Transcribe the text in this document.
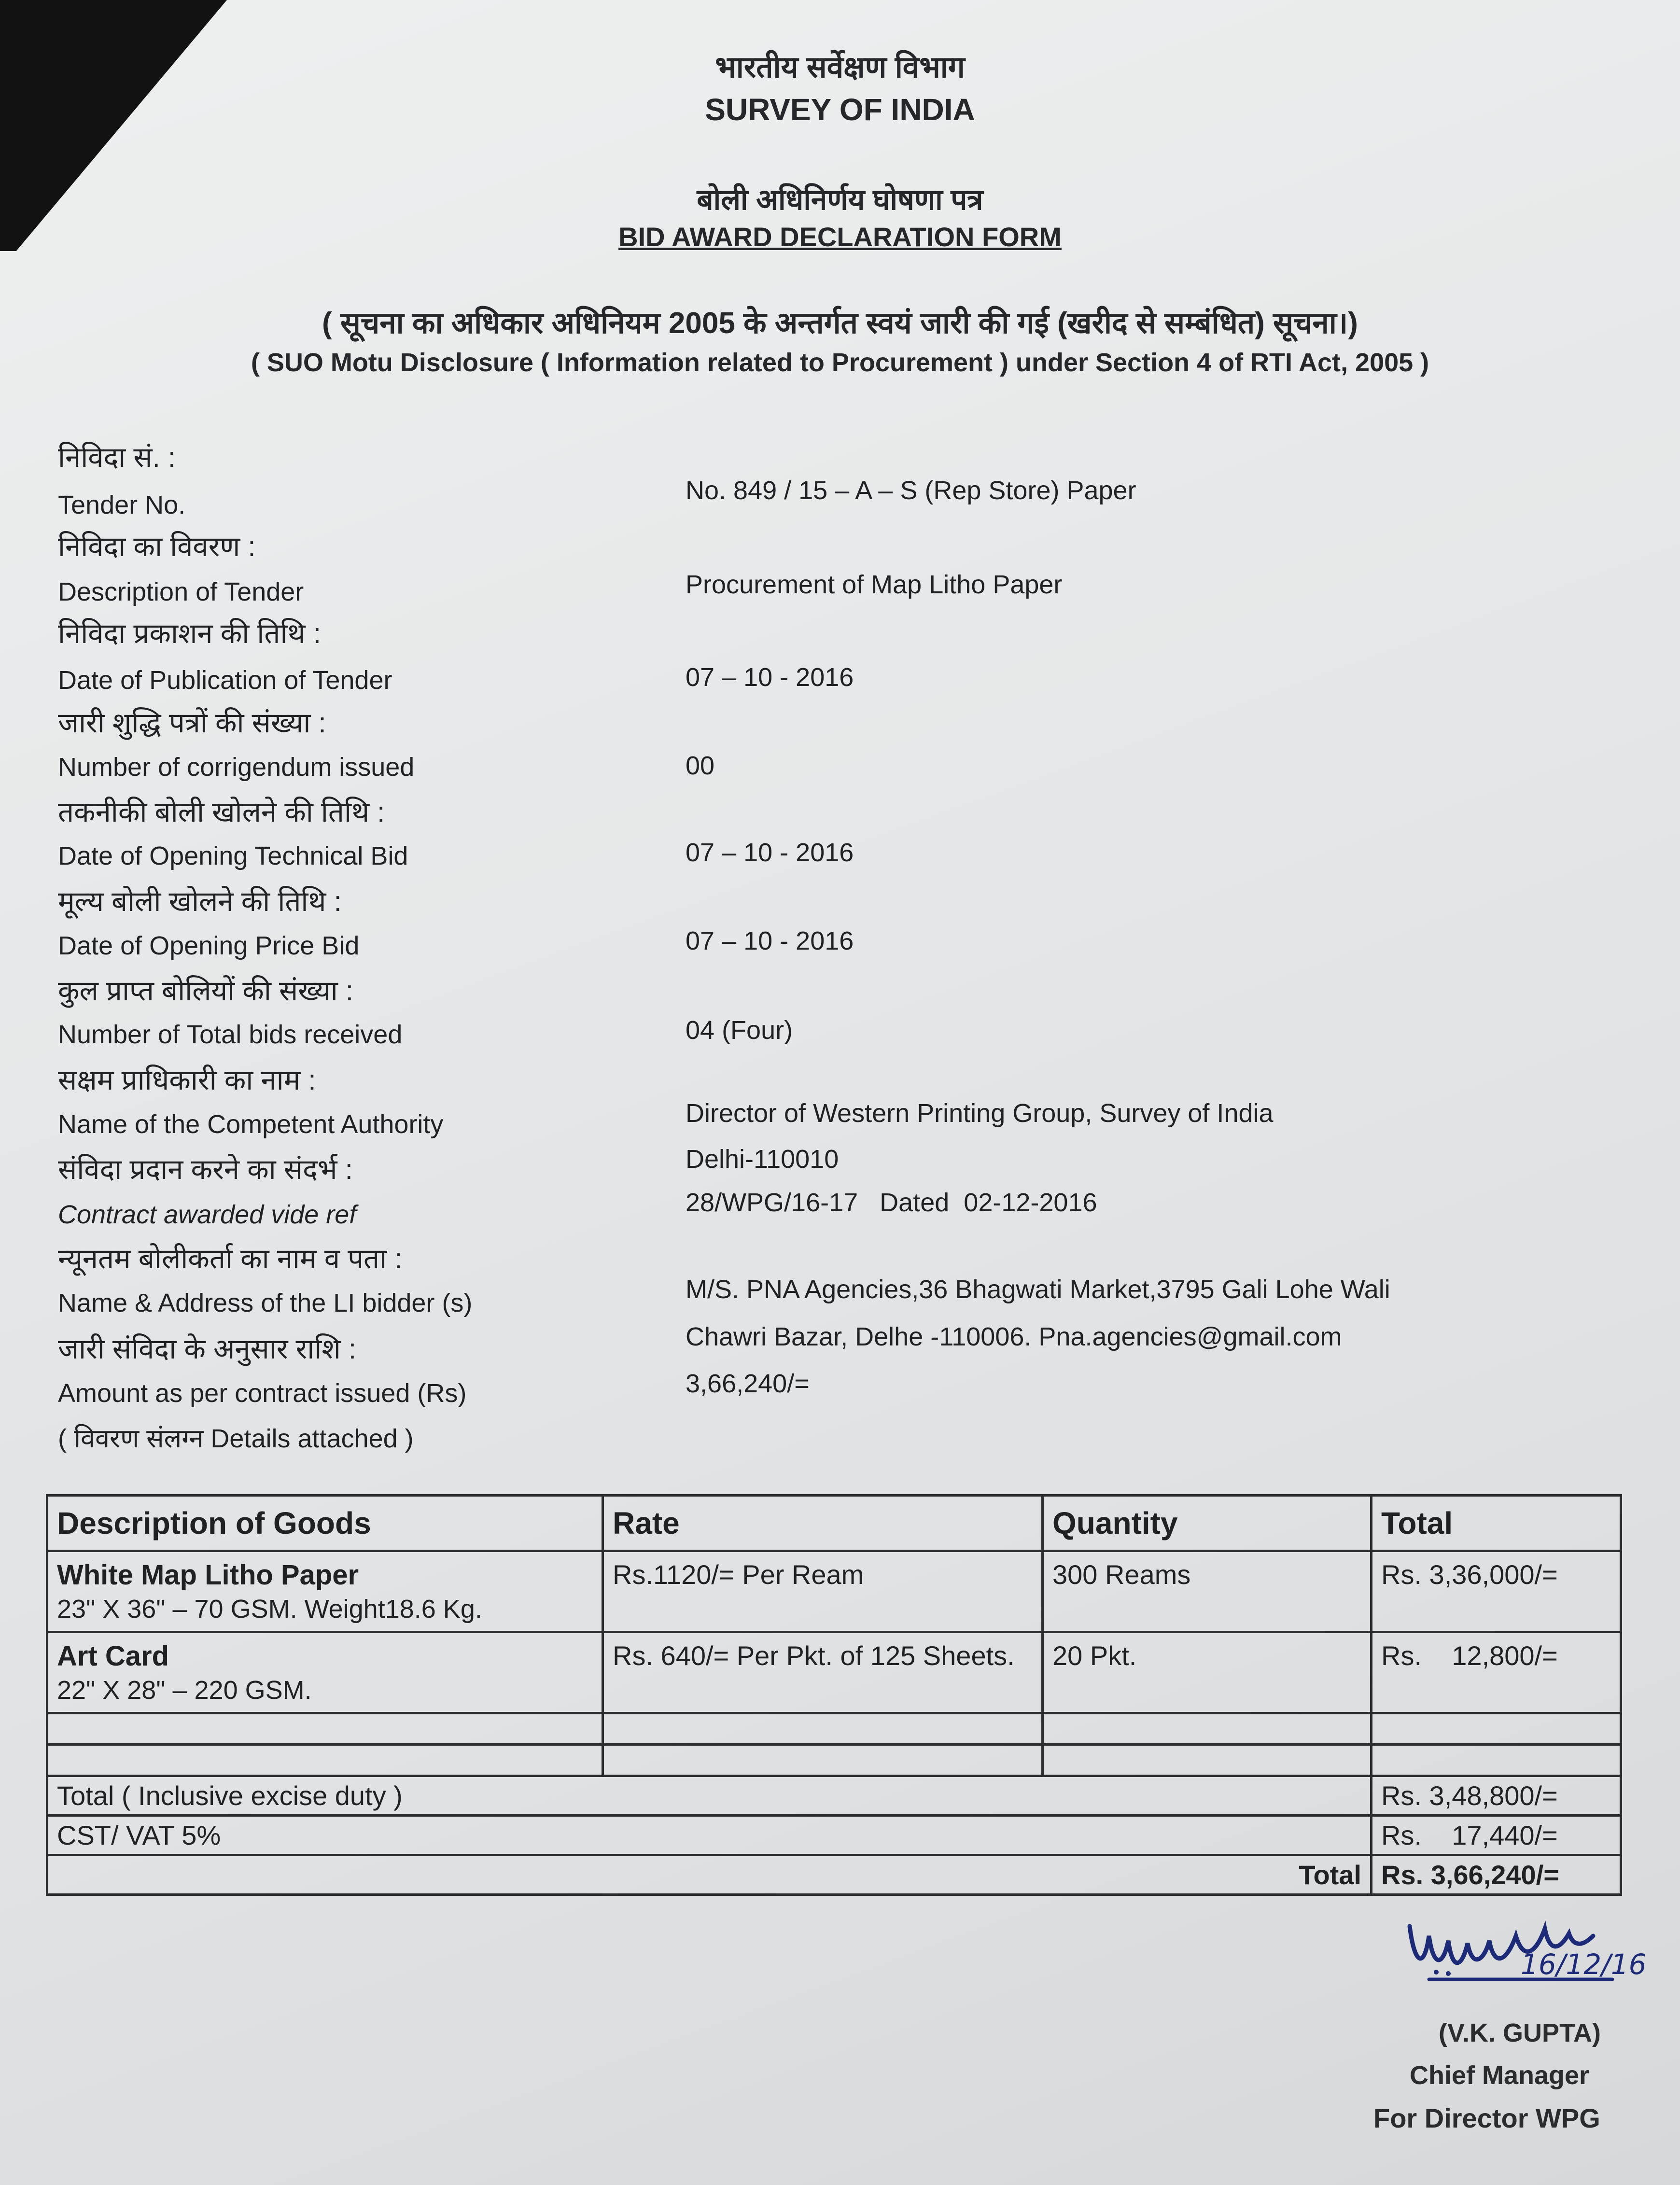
भारतीय सर्वेक्षण विभाग
SURVEY OF INDIA
बोली अधिनिर्णय घोषणा पत्र
BID AWARD DECLARATION FORM
( सूचना का अधिकार अधिनियम 2005 के अन्तर्गत स्वयं जारी की गई (खरीद से सम्बंधित) सूचना।)
( SUO Motu Disclosure ( Information related to Procurement ) under Section 4 of RTI Act, 2005 )
निविदा सं. :
Tender No.	No. 849 / 15 – A – S (Rep Store) Paper
निविदा का विवरण :
Description of Tender	Procurement of Map Litho Paper
निविदा प्रकाशन की तिथि :
Date of Publication of Tender	07 – 10 - 2016
जारी शुद्धि पत्रों की संख्या :
Number of corrigendum issued	00
तकनीकी बोली खोलने की तिथि :
Date of Opening Technical Bid	07 – 10 - 2016
मूल्य बोली खोलने की तिथि :
Date of Opening Price Bid	07 – 10 - 2016
कुल प्राप्त बोलियों की संख्या :
Number of Total bids received	04 (Four)
सक्षम प्राधिकारी का नाम :
Name of the Competent Authority	Director of Western Printing Group, Survey of India
Delhi-110010
संविदा प्रदान करने का संदर्भ :
Contract awarded vide ref	28/WPG/16-17   Dated  02-12-2016
न्यूनतम बोलीकर्ता का नाम व पता :
Name & Address of the LI bidder (s)	M/S. PNA Agencies,36 Bhagwati Market,3795 Gali Lohe Wali
Chawri Bazar, Delhe -110006. Pna.agencies@gmail.com
जारी संविदा के अनुसार राशि :
Amount as per contract issued (Rs)	3,66,240/=
( विवरण संलग्न Details attached )
Description of Goods	Rate	Quantity	Total

White Map Litho Paper
23" X 36" – 70 GSM. Weight18.6 Kg.	Rs.1120/= Per Ream	300 Reams	Rs. 3,36,000/=

Art Card
22" X 28" – 220 GSM.	Rs. 640/= Per Pkt. of 125 Sheets.	20 Pkt.	Rs.    12,800/=

Total ( Inclusive excise duty )			Rs. 3,48,800/=
CST/ VAT 5%			Rs.    17,440/=
Total			Rs. 3,66,240/=
16/12/16
(V.K. GUPTA)
Chief Manager
For Director WPG
